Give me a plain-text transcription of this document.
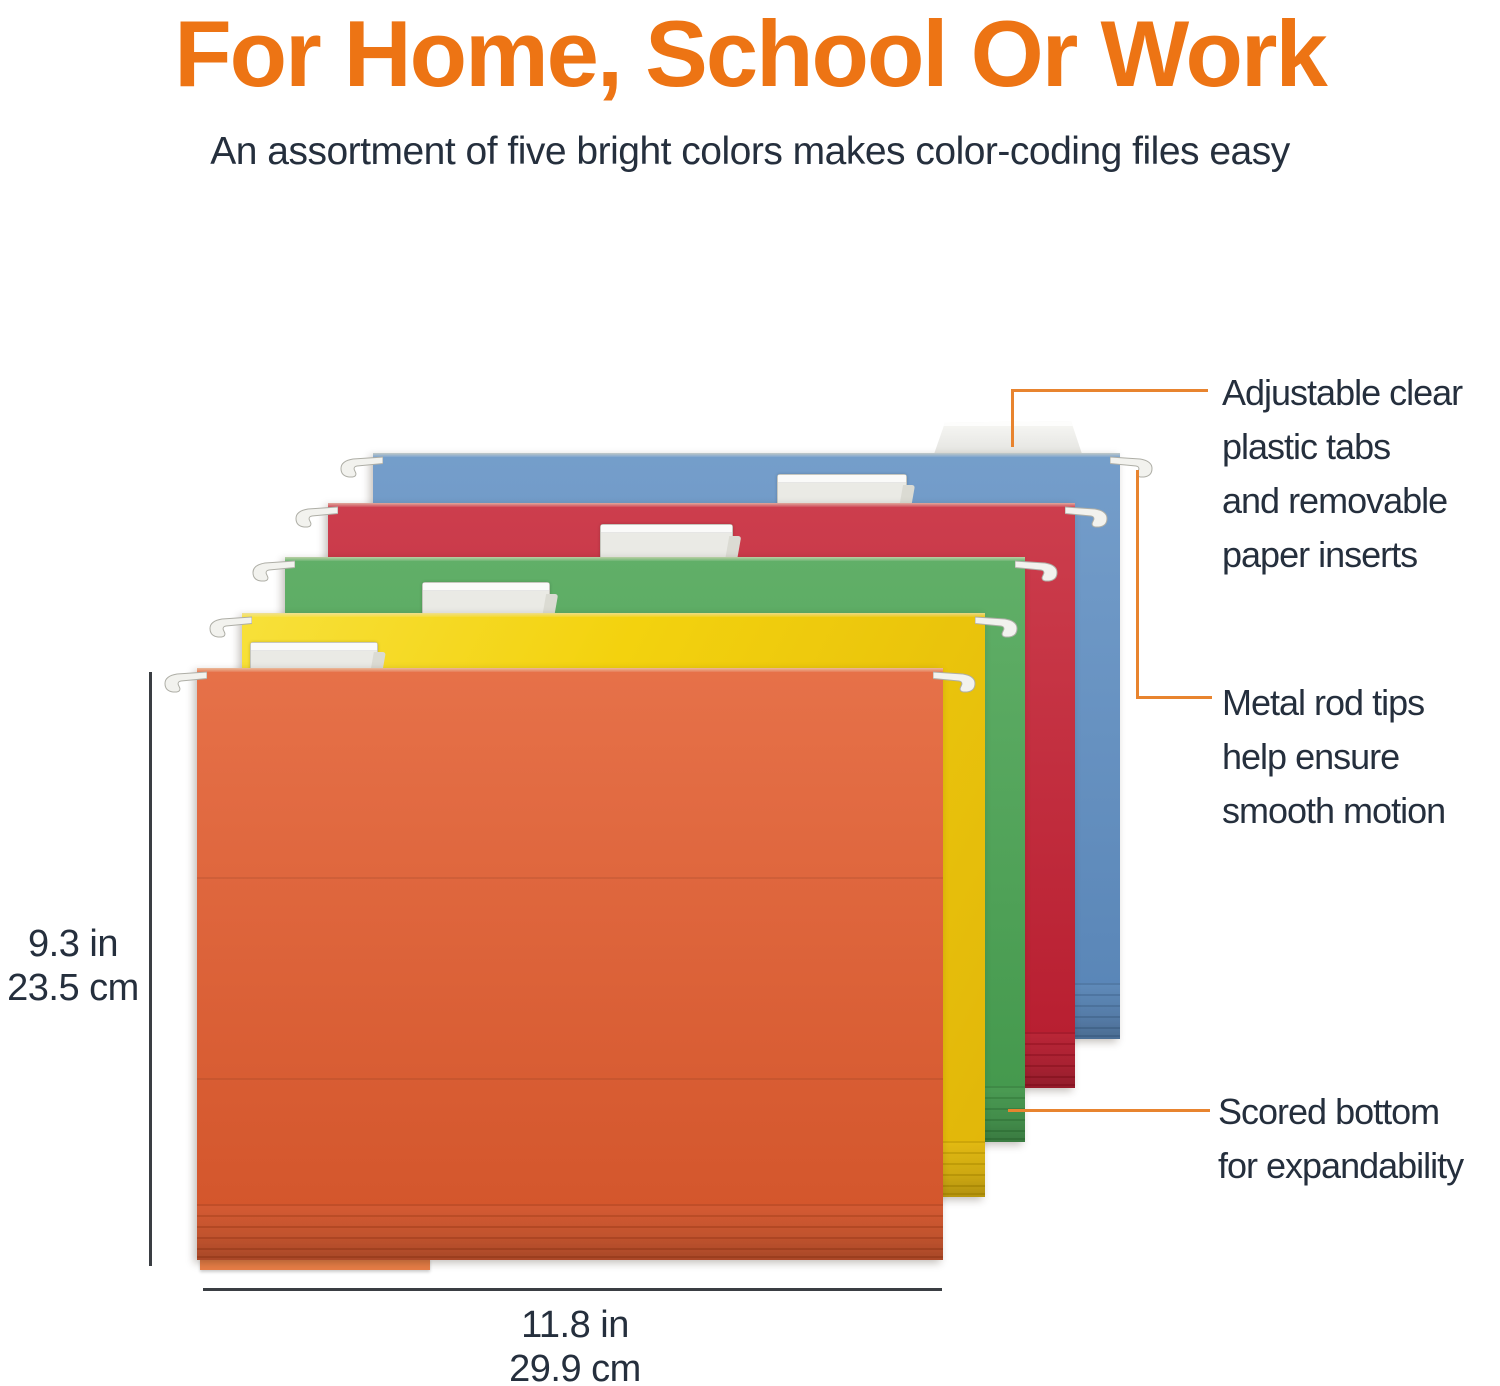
For Home, School Or Work

An assortment of five bright colors makes color-coding files easy

Adjustable clear
plastic tabs
and removable
paper inserts
Metal rod tips
help ensure
smooth motion
Scored bottom
for expandability
9.3 in
23.5 cm
11.8 in
29.9 cm
